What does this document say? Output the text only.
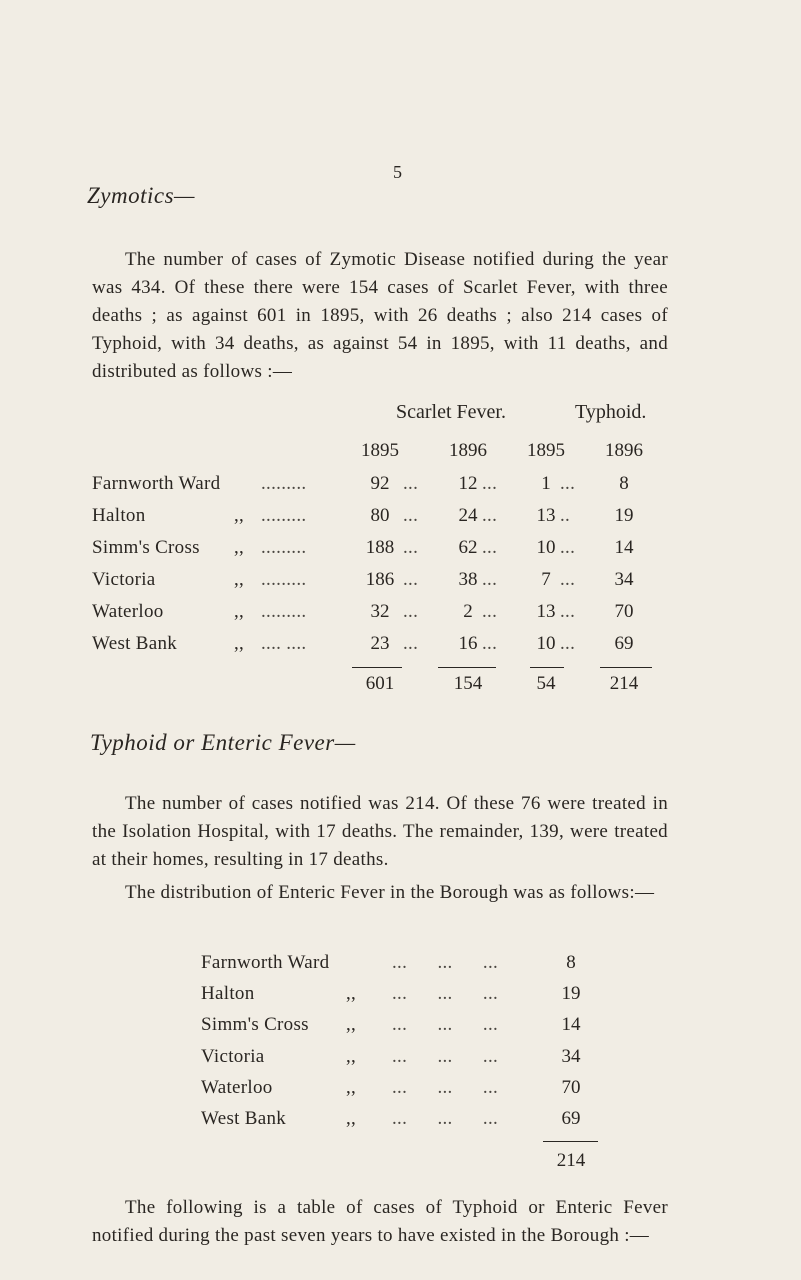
5
Zymotics—

The number of cases of Zymotic Disease notified during the year was 434. Of these there were 154 cases of Scarlet Fever, with three deaths ; as against 601 in 1895, with 26 deaths ; also 214 cases of Typhoid, with 34 deaths, as against 54 in 1895, with 11 deaths, and distributed as follows :—

Scarlet Fever.	Typhoid.
1895	1896	1895	1896
Farnworth Ward .........	92 ...	12 ...	1 ...	8
Halton	,, .........	80 ...	24 ...	13 ..	19
Simm's Cross ,, .........	188 ...	62 ...	10 ...	14
Victoria	,, .........	186 ...	38 ...	7 ...	34
Waterloo	,, .........	32 ...	2 ...	13 ...	70
West Bank	,, .... ....	23 ...	16 ...	10 ...	69
601	154	54	214
Typhoid or Enteric Fever—

The number of cases notified was 214. Of these 76 were treated in the Isolation Hospital, with 17 deaths. The remainder, 139, were treated at their homes, resulting in 17 deaths.

The distribution of Enteric Fever in the Borough was as follows:—
Farnworth Ward	...      ...      ...	8
Halton	,, ...      ...      ...	19
Simm's Cross ,, ...      ...      ...	14
Victoria	,, ...      ...      ...	34
Waterloo	,, ...      ...      ...	70
West Bank	,, ...      ...      ...	69
214

The following is a table of cases of Typhoid or Enteric Fever notified during the past seven years to have existed in the Borough :—
